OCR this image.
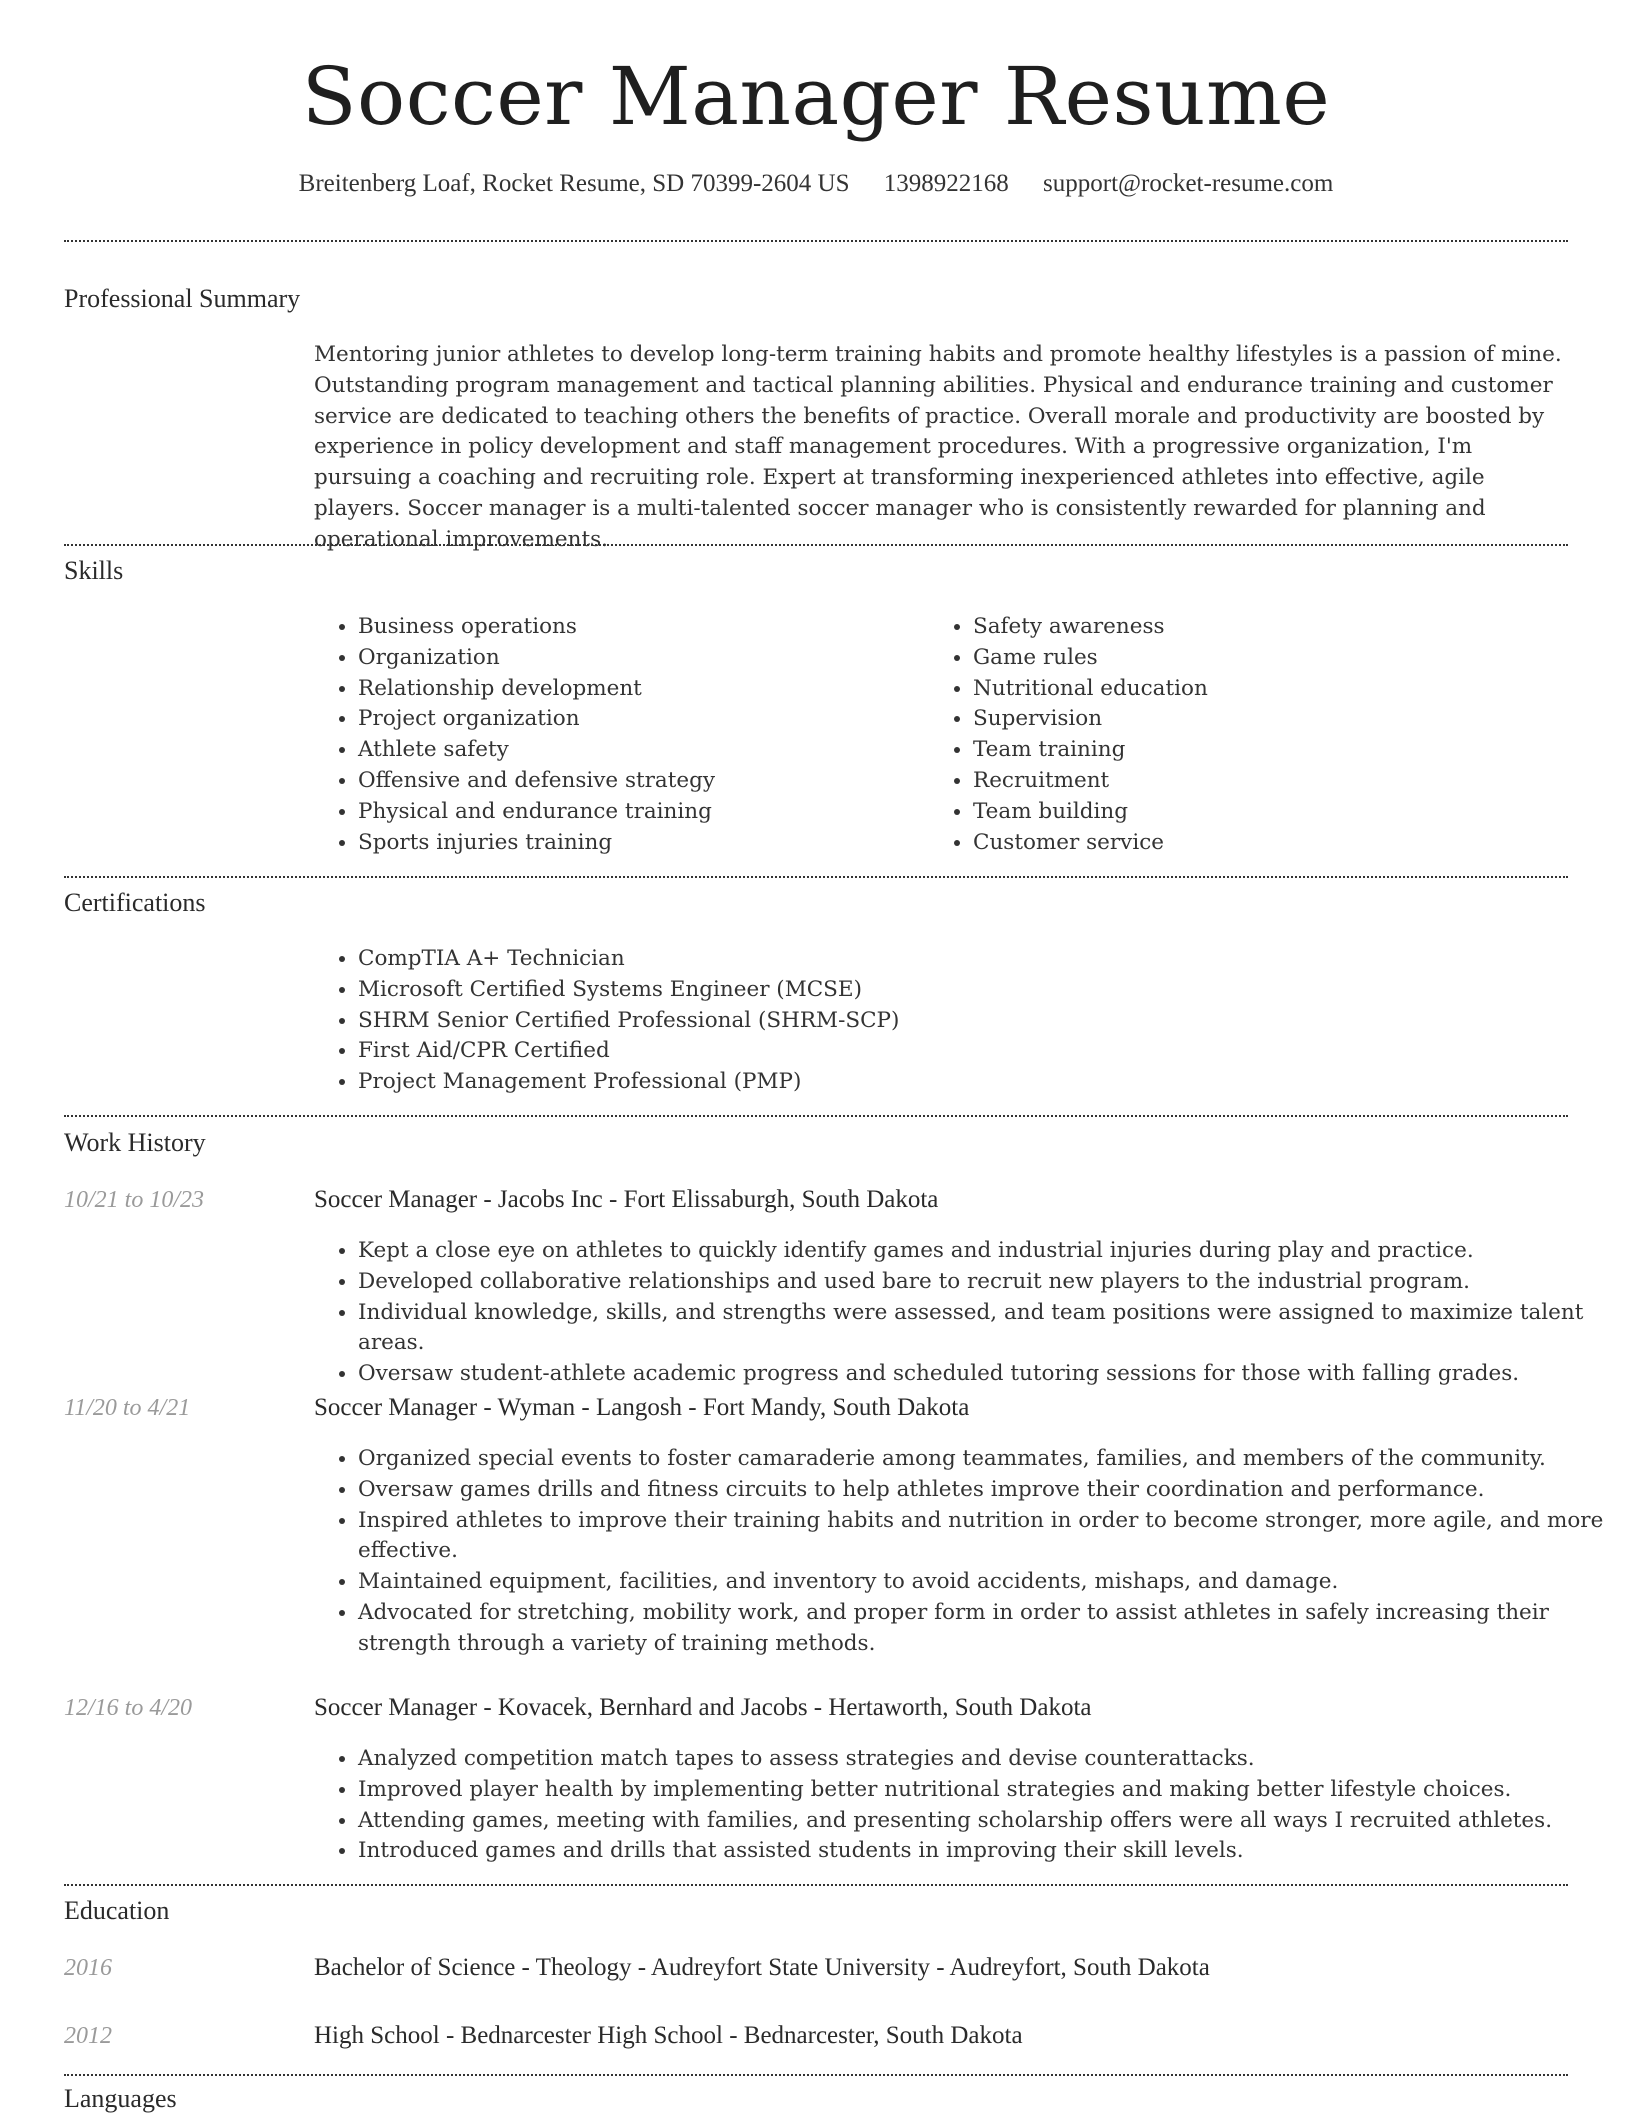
Soccer Manager Resume
Breitenberg Loaf, Rocket Resume, SD 70399-2604 US 1398922168 support@rocket-resume.com
Professional Summary
Mentoring junior athletes to develop long-term training habits and promote healthy lifestyles is a passion of mine. Outstanding program management and tactical planning abilities. Physical and endurance training and customer service are dedicated to teaching others the benefits of practice. Overall morale and productivity are boosted by experience in policy development and staff management procedures. With a progressive organization, I'm pursuing a coaching and recruiting role. Expert at transforming inexperienced athletes into effective, agile players. Soccer manager is a multi-talented soccer manager who is consistently rewarded for planning and operational improvements.
Skills
• Business operations
• Organization
• Relationship development
• Project organization
• Athlete safety
• Offensive and defensive strategy
• Physical and endurance training
• Sports injuries training
• Safety awareness
• Game rules
• Nutritional education
• Supervision
• Team training
• Recruitment
• Team building
• Customer service
Certifications
• CompTIA A+ Technician
• Microsoft Certified Systems Engineer (MCSE)
• SHRM Senior Certified Professional (SHRM-SCP)
• First Aid/CPR Certified
• Project Management Professional (PMP)
Work History
10/21 to 10/23	Soccer Manager - Jacobs Inc - Fort Elissaburgh, South Dakota
• Kept a close eye on athletes to quickly identify games and industrial injuries during play and practice.
• Developed collaborative relationships and used bare to recruit new players to the industrial program.
• Individual knowledge, skills, and strengths were assessed, and team positions were assigned to maximize talent areas.
• Oversaw student-athlete academic progress and scheduled tutoring sessions for those with falling grades.
11/20 to 4/21	Soccer Manager - Wyman - Langosh - Fort Mandy, South Dakota
• Organized special events to foster camaraderie among teammates, families, and members of the community.
• Oversaw games drills and fitness circuits to help athletes improve their coordination and performance.
• Inspired athletes to improve their training habits and nutrition in order to become stronger, more agile, and more effective.
• Maintained equipment, facilities, and inventory to avoid accidents, mishaps, and damage.
• Advocated for stretching, mobility work, and proper form in order to assist athletes in safely increasing their strength through a variety of training methods.
12/16 to 4/20	Soccer Manager - Kovacek, Bernhard and Jacobs - Hertaworth, South Dakota
• Analyzed competition match tapes to assess strategies and devise counterattacks.
• Improved player health by implementing better nutritional strategies and making better lifestyle choices.
• Attending games, meeting with families, and presenting scholarship offers were all ways I recruited athletes.
• Introduced games and drills that assisted students in improving their skill levels.
Education
2016	Bachelor of Science - Theology - Audreyfort State University - Audreyfort, South Dakota
2012	High School - Bednarcester High School - Bednarcester, South Dakota
Languages
